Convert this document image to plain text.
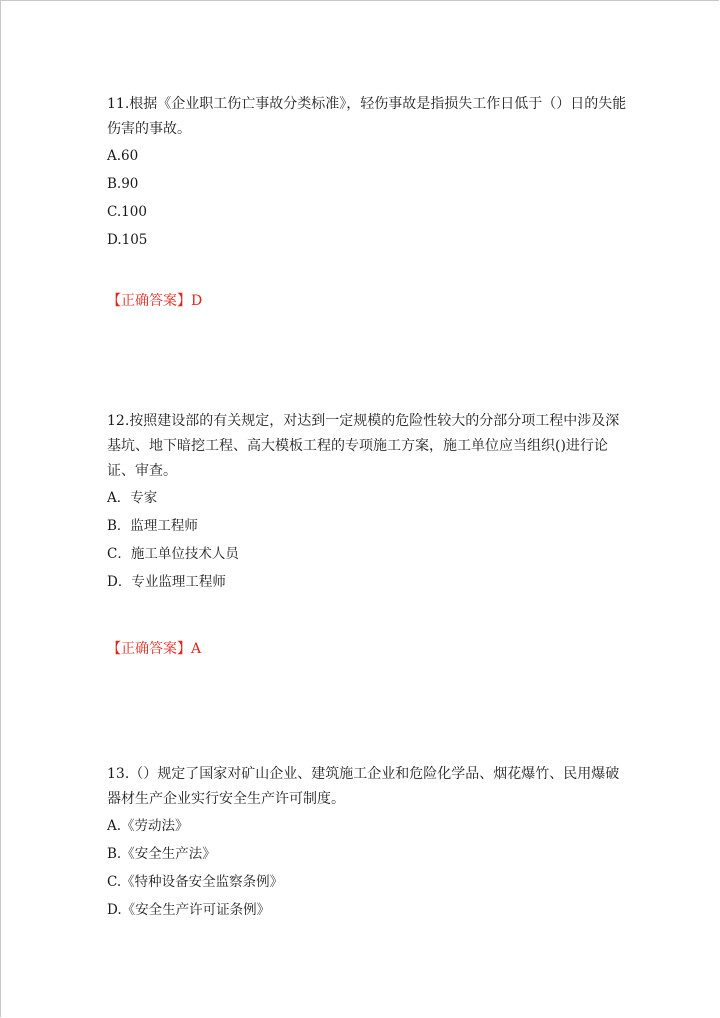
11.根据《企业职工伤亡事故分类标准》，轻伤事故是指损失工作日低于（）日的失能伤害的事故。

A.60
B.90
C.100
D.105
【正确答案】D

12.按照建设部的有关规定，对达到一定规模的危险性较大的分部分项工程中涉及深基坑、地下暗挖工程、高大模板工程的专项施工方案，施工单位应当组织()进行论证、审查。

A．专家
B．监理工程师
C．施工单位技术人员
D．专业监理工程师
【正确答案】A

13.（）规定了国家对矿山企业、建筑施工企业和危险化学品、烟花爆竹、民用爆破器材生产企业实行安全生产许可制度。

A.《劳动法》
B.《安全生产法》
C.《特种设备安全监察条例》
D.《安全生产许可证条例》
